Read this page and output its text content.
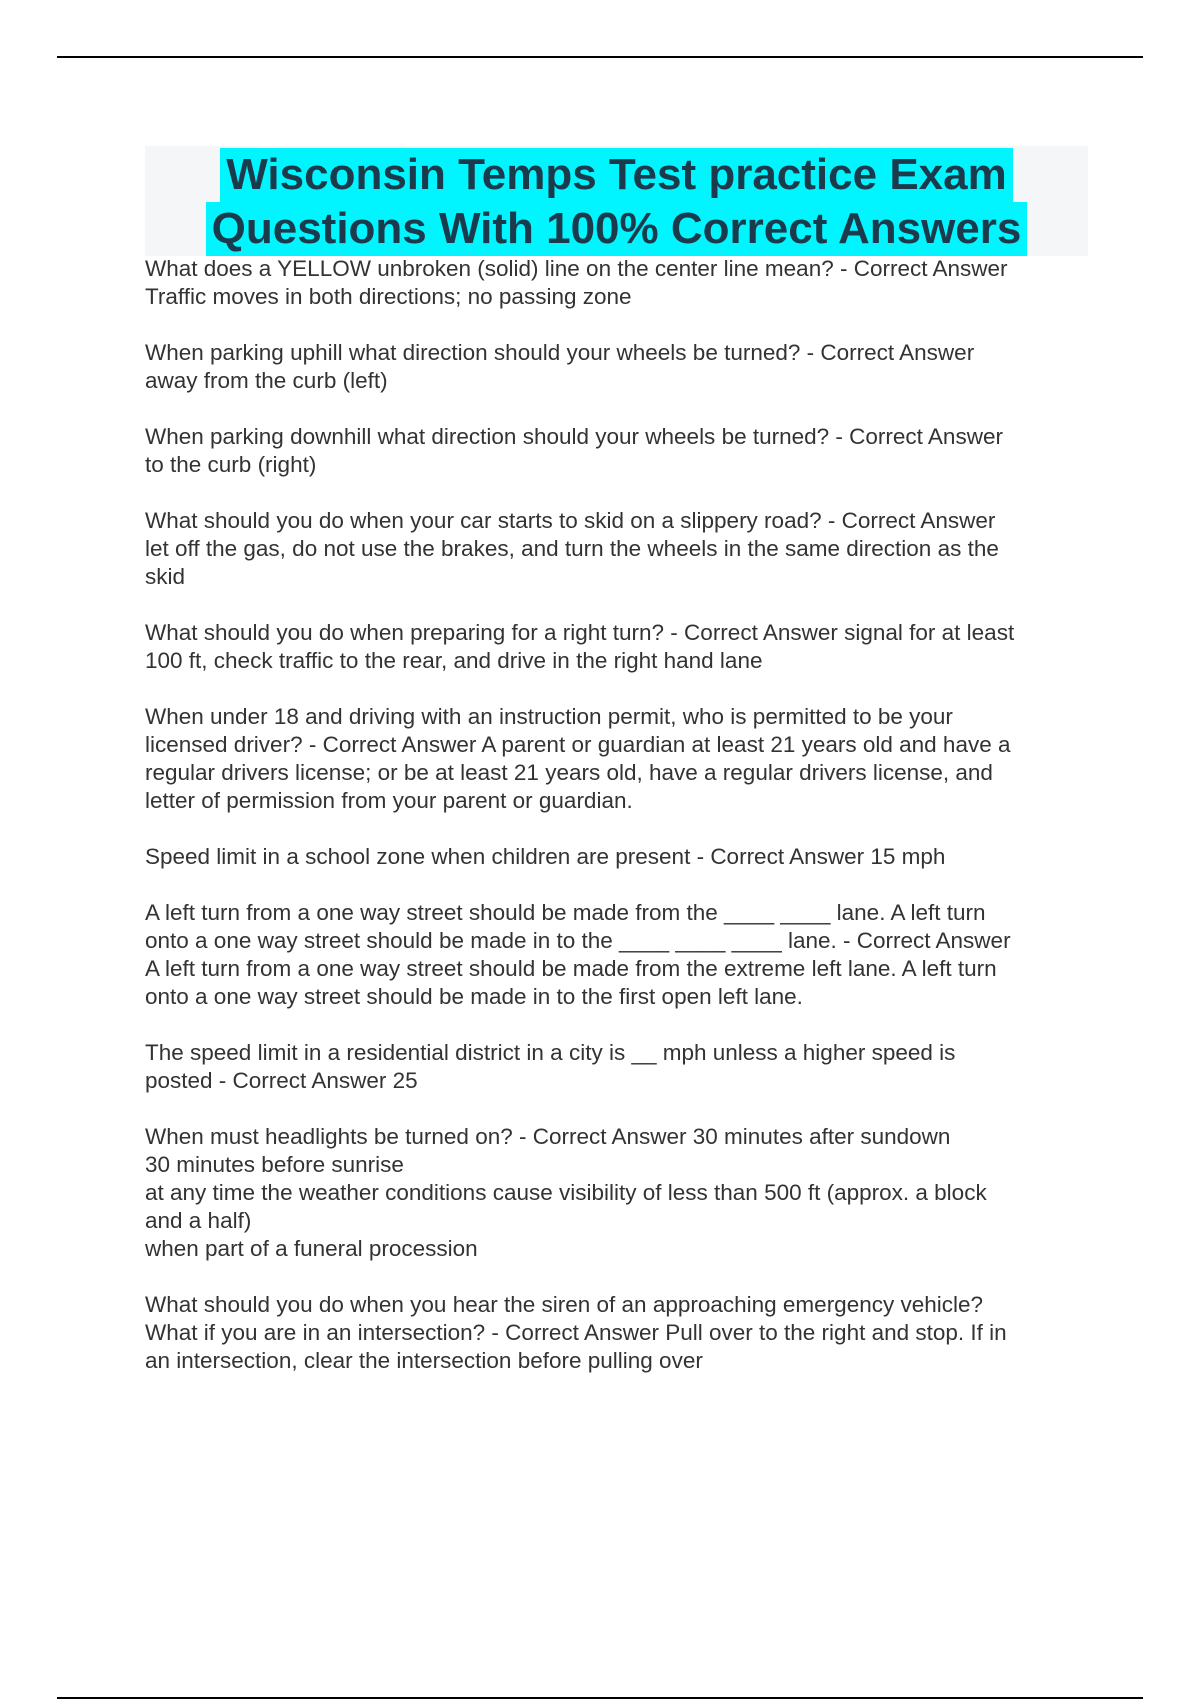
Wisconsin Temps Test practice Exam
Questions With 100% Correct Answers
What does a YELLOW unbroken (solid) line on the center line mean? - Correct Answer
Traffic moves in both directions; no passing zone
When parking uphill what direction should your wheels be turned? - Correct Answer
away from the curb (left)
When parking downhill what direction should your wheels be turned? - Correct Answer
to the curb (right)
What should you do when your car starts to skid on a slippery road? - Correct Answer
let off the gas, do not use the brakes, and turn the wheels in the same direction as the
skid
What should you do when preparing for a right turn? - Correct Answer signal for at least
100 ft, check traffic to the rear, and drive in the right hand lane
When under 18 and driving with an instruction permit, who is permitted to be your
licensed driver? - Correct Answer A parent or guardian at least 21 years old and have a
regular drivers license; or be at least 21 years old, have a regular drivers license, and
letter of permission from your parent or guardian.
Speed limit in a school zone when children are present - Correct Answer 15 mph
A left turn from a one way street should be made from the ____ ____ lane. A left turn
onto a one way street should be made in to the ____ ____ ____ lane. - Correct Answer
A left turn from a one way street should be made from the extreme left lane. A left turn
onto a one way street should be made in to the first open left lane.
The speed limit in a residential district in a city is __ mph unless a higher speed is
posted - Correct Answer 25
When must headlights be turned on? - Correct Answer 30 minutes after sundown
30 minutes before sunrise
at any time the weather conditions cause visibility of less than 500 ft (approx. a block
and a half)
when part of a funeral procession
What should you do when you hear the siren of an approaching emergency vehicle?
What if you are in an intersection? - Correct Answer Pull over to the right and stop. If in
an intersection, clear the intersection before pulling over
